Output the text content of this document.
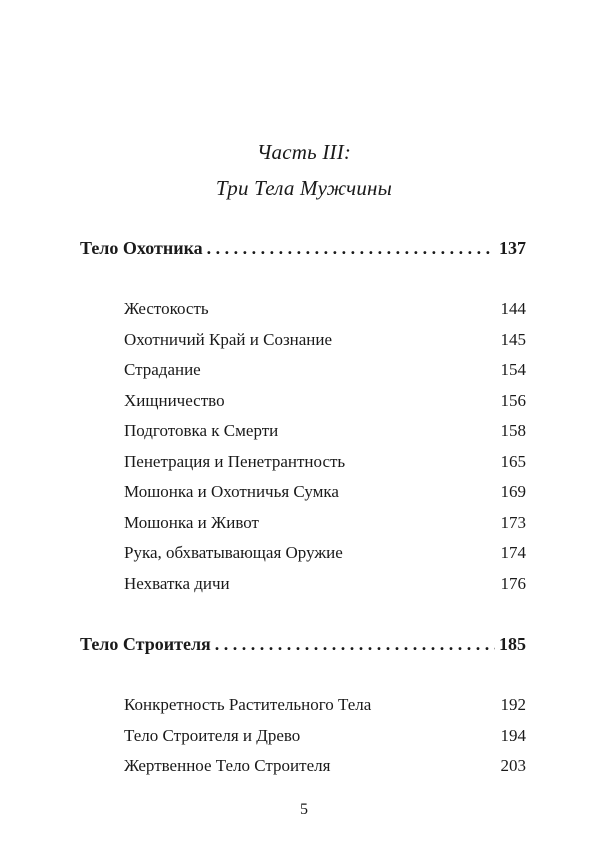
Часть III:
Три Тела Мужчины
Тело Охотника . . .	137
Жестокость	144
Охотничий Край и Сознание	145
Страдание	154
Хищничество	156
Подготовка к Смерти	158
Пенетрация и Пенетрантность	165
Мошонка и Охотничья Сумка	169
Мошонка и Живот	173
Рука, обхватывающая Оружие	174
Нехватка дичи	176
Тело Строителя . . .	185
Конкретность Растительного Тела	192
Тело Строителя и Древо	194
Жертвенное Тело Строителя	203
5
